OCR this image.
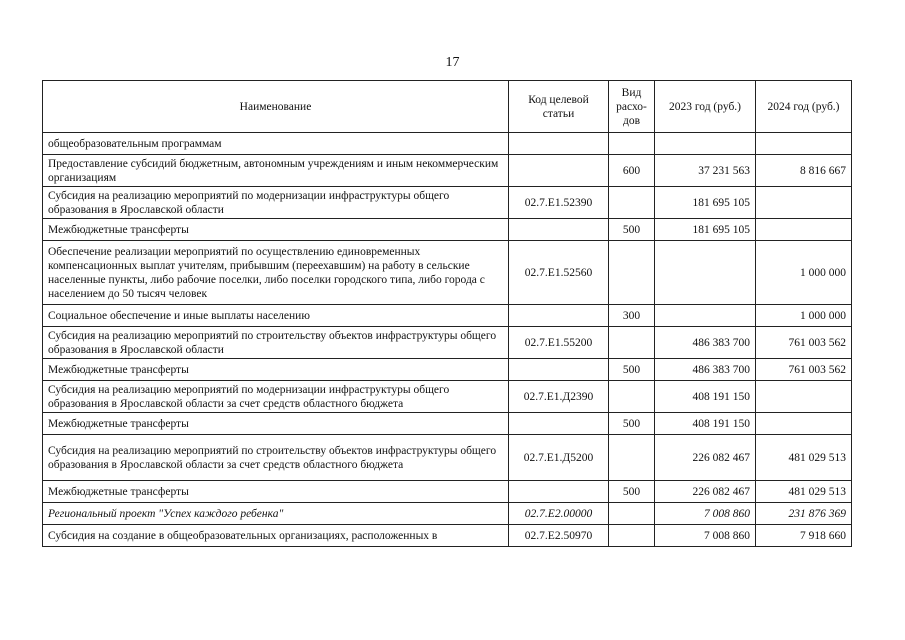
17
Наименование	Код целевой статьи	Вид расхо-дов	2023 год (руб.)	2024 год (руб.)
общеобразовательным программам				
Предоставление субсидий бюджетным, автономным учреждениям и иным некоммерческим организациям		600	37 231 563	8 816 667
Субсидия на реализацию мероприятий по модернизации инфраструктуры общего образования в Ярославской области	02.7.E1.52390		181 695 105	
Межбюджетные трансферты		500	181 695 105	
Обеспечение реализации мероприятий по осуществлению единовременных компенсационных выплат учителям, прибывшим (переехавшим) на работу в сельские населенные пункты, либо рабочие поселки, либо поселки городского типа, либо города с населением до 50 тысяч человек	02.7.E1.52560			1 000 000
Социальное обеспечение и иные выплаты населению		300		1 000 000
Субсидия на реализацию мероприятий по строительству объектов инфраструктуры общего образования в Ярославской области	02.7.E1.55200		486 383 700	761 003 562
Межбюджетные трансферты		500	486 383 700	761 003 562
Субсидия на реализацию мероприятий по модернизации инфраструктуры общего образования в Ярославской области за счет средств областного бюджета	02.7.E1.Д2390		408 191 150	
Межбюджетные трансферты		500	408 191 150	
Субсидия на реализацию мероприятий по строительству объектов инфраструктуры общего образования в Ярославской области за счет средств областного бюджета	02.7.E1.Д5200		226 082 467	481 029 513
Межбюджетные трансферты		500	226 082 467	481 029 513
Региональный проект "Успех каждого ребенка"	02.7.E2.00000		7 008 860	231 876 369
Субсидия на создание в общеобразовательных организациях, расположенных в	02.7.E2.50970		7 008 860	7 918 660
